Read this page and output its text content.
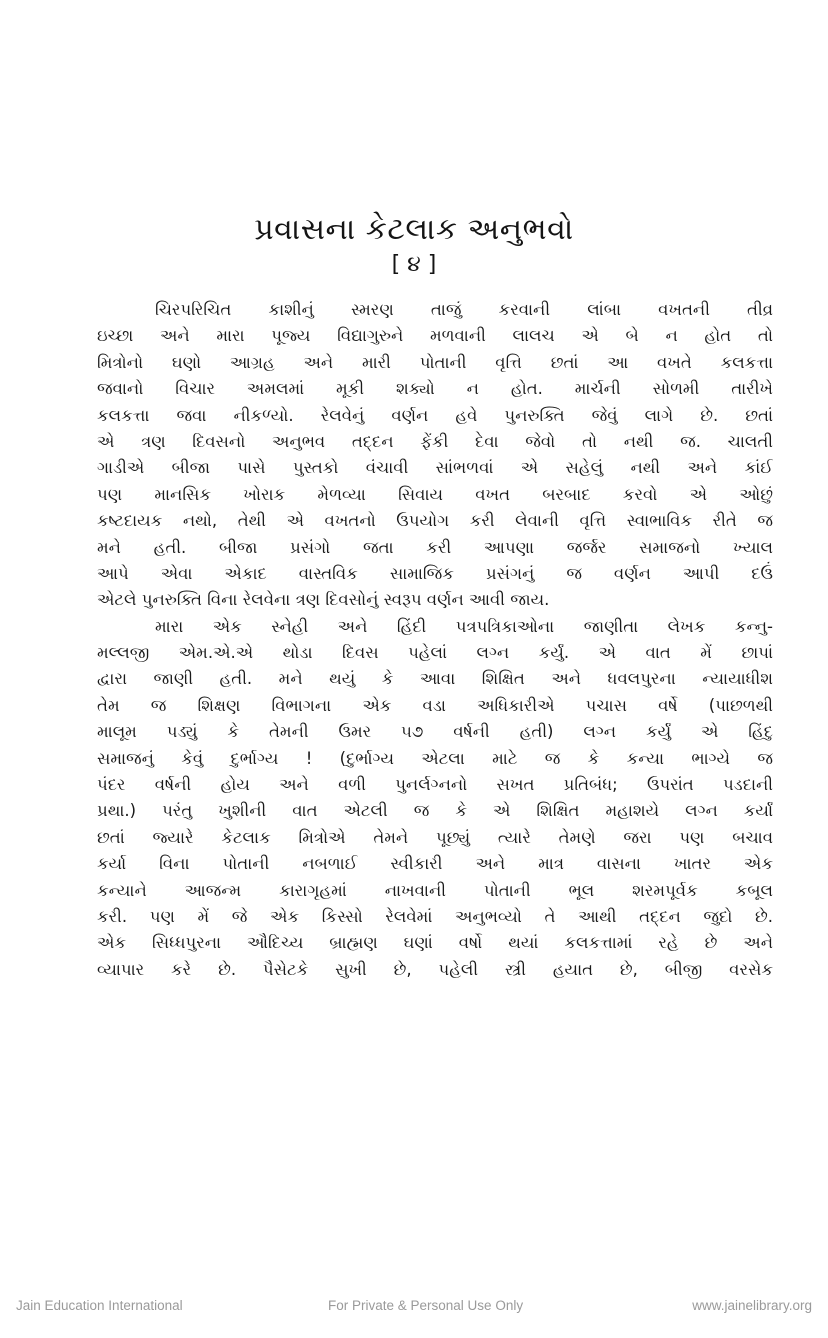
પ્રવાસના કેટલાક અનુભવો
[ ૪ ]
ચિરપરિચિત કાશીનું સ્મરણ તાજું કરવાની લાંબા વખતની તીવ્ર
ઇચ્છા અને મારા પૂજ્ય વિદ્યાગુરુને મળવાની લાલચ એ બે ન હોત તો
મિત્રોનો ઘણો આગ્રહ અને મારી પોતાની વૃત્તિ છતાં આ વખતે કલકત્તા
જવાનો વિચાર અમલમાં મૂકી શક્યો ન હોત. માર્ચની સોળમી તારીખે
કલકત્તા જવા નીકળ્યો. રેલવેનું વર્ણન હવે પુનરુક્તિ જેવું લાગે છે. છતાં
એ ત્રણ દિવસનો અનુભવ તદ્દન ફેંકી દેવા જેવો તો નથી જ. ચાલતી
ગાડીએ બીજા પાસે પુસ્તકો વંચાવી સાંભળવાં એ સહેલું નથી અને કાંઈ
પણ માનસિક ખોરાક મેળવ્યા સિવાય વખત બરબાદ કરવો એ ઓછું
કષ્ટદાયક નથો, તેથી એ વખતનો ઉપયોગ કરી લેવાની વૃત્તિ સ્વાભાવિક રીતે જ
મને હતી. બીજા પ્રસંગો જતા કરી આપણા જર્જર સમાજનો ખ્યાલ
આપે એવા એકાદ વાસ્તવિક સામાજિક પ્રસંગનું જ વર્ણન આપી દઉં
એટલે પુનરુક્તિ વિના રેલવેના ત્રણ દિવસોનું સ્વરૂપ વર્ણન આવી જાય.
મારા એક સ્નેહી અને હિંદી પત્રપત્રિકાઓના જાણીતા લેખક કન્નુ-
મલ્લજી એમ.એ.એ થોડા દિવસ પહેલાં લગ્ન કર્યું. એ વાત મેં છાપાં
દ્વારા જાણી હતી. મને થયું કે આવા શિક્ષિત અને ધવલપુરના ન્યાયાધીશ
તેમ જ શિક્ષણ વિભાગના એક વડા અધિકારીએ પચાસ વર્ષે (પાછળથી
માલૂમ પડ્યું કે તેમની ઉમર ૫૭ વર્ષની હતી) લગ્ન કર્યું એ હિંદુ
સમાજનું કેવું દુર્ભાગ્ય ! (દુર્ભાગ્ય એટલા માટે જ કે કન્યા ભાગ્યે જ
પંદર વર્ષની હોય અને વળી પુનર્લગ્નનો સખત પ્રતિબંધ; ઉપરાંત પડદાની
પ્રથા.) પરંતુ ખુશીની વાત એટલી જ કે એ શિક્ષિત મહાશયે લગ્ન કર્યાં
છતાં જ્યારે કેટલાક મિત્રોએ તેમને પૂછ્યું ત્યારે તેમણે જરા પણ બચાવ
કર્યા વિના પોતાની નબળાઈ સ્વીકારી અને માત્ર વાસના ખાતર એક
કન્યાને આજન્મ કારાગૃહમાં નાખવાની પોતાની ભૂલ શરમપૂર્વક કબૂલ
કરી. પણ મેં જે એક કિસ્સો રેલવેમાં અનુભવ્યો તે આથી તદ્દન જુદો છે.
એક સિધ્ધપુરના ઔદિચ્ય બ્રાહ્મણ ઘણાં વર્ષો થયાં કલકત્તામાં રહે છે અને
વ્યાપાર કરે છે. પૈસેટકે સુખી છે, પહેલી સ્ત્રી હયાત છે, બીજી વરસેક
Jain Education International	For Private & Personal Use Only	www.jainelibrary.org
